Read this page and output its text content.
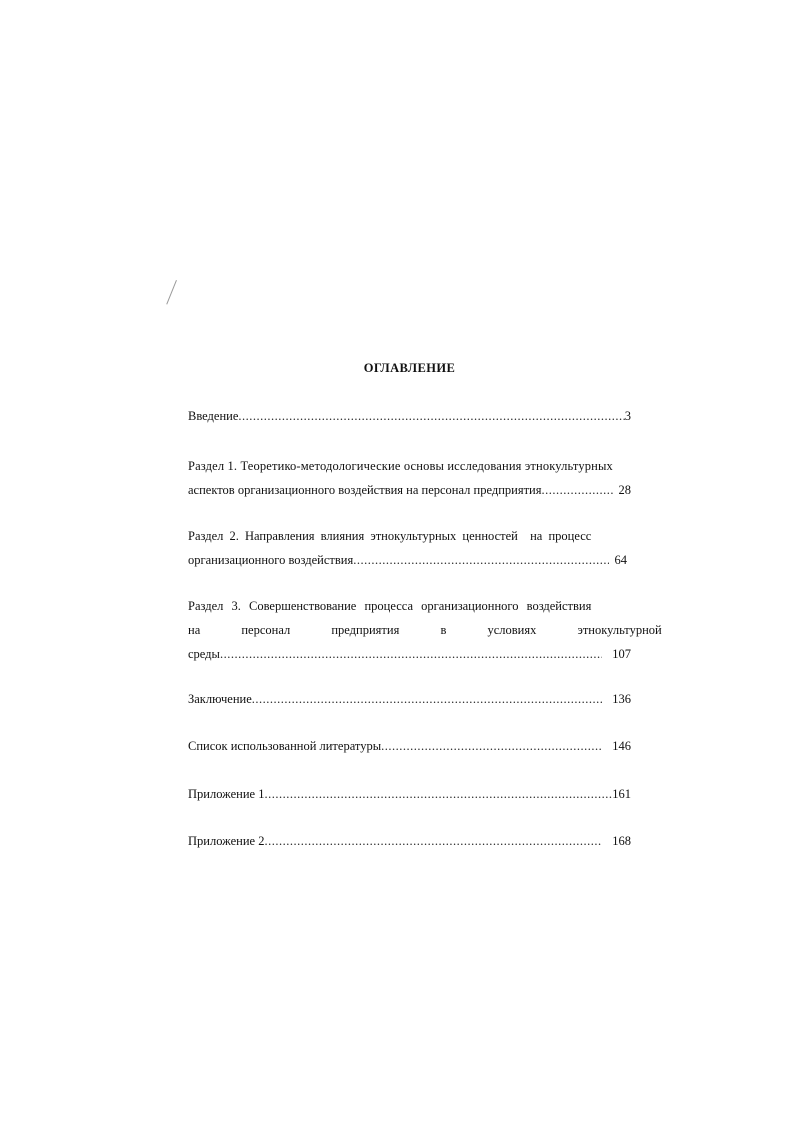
ОГЛАВЛЕНИЕ
Введение .....	3
Раздел 1. Теоретико-методологические основы исследования этнокультурных
аспектов организационного воздействия на персонал предприятия .....	28
Раздел 2. Направления влияния этнокультурных ценностей  на процесс
организационного воздействия .....	64
Раздел 3. Совершенствование процесса организационного воздействия
на персонал предприятия в условиях этнокультурной
среды .....	107
Заключение .....	136
Список использованной литературы .....	146
Приложение 1 .....	161
Приложение 2 .....	168
